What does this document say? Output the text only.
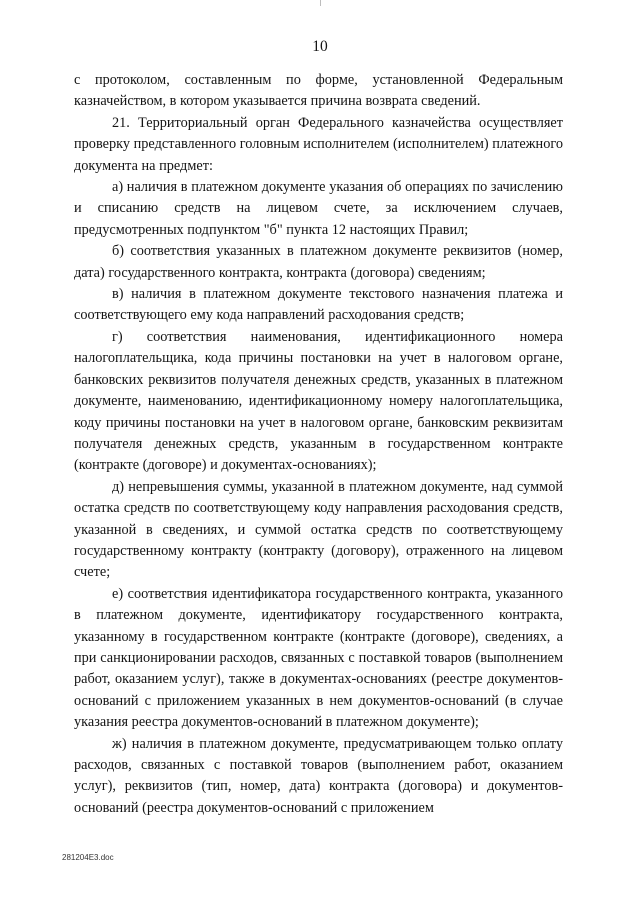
10

с протоколом, составленным по форме, установленной Федеральным казначейством, в котором указывается причина возврата сведений.

21. Территориальный орган Федерального казначейства осуществляет проверку представленного головным исполнителем (исполнителем) платежного документа на предмет:

а) наличия в платежном документе указания об операциях по зачислению и списанию средств на лицевом счете, за исключением случаев, предусмотренных подпунктом "б" пункта 12 настоящих Правил;

б) соответствия указанных в платежном документе реквизитов (номер, дата) государственного контракта, контракта (договора) сведениям;

в) наличия в платежном документе текстового назначения платежа и соответствующего ему кода направлений расходования средств;

г) соответствия наименования, идентификационного номера налогоплательщика, кода причины постановки на учет в налоговом органе, банковских реквизитов получателя денежных средств, указанных в платежном документе, наименованию, идентификационному номеру налогоплательщика, коду причины постановки на учет в налоговом органе, банковским реквизитам получателя денежных средств, указанным в государственном контракте (контракте (договоре) и документах-основаниях);

д) непревышения суммы, указанной в платежном документе, над суммой остатка средств по соответствующему коду направления расходования средств, указанной в сведениях, и суммой остатка средств по соответствующему государственному контракту (контракту (договору), отраженного на лицевом счете;

е) соответствия идентификатора государственного контракта, указанного в платежном документе, идентификатору государственного контракта, указанному в государственном контракте (контракте (договоре), сведениях, а при санкционировании расходов, связанных с поставкой товаров (выполнением работ, оказанием услуг), также в документах-основаниях (реестре документов-оснований с приложением указанных в нем документов-оснований (в случае указания реестра документов-оснований в платежном документе);

ж) наличия в платежном документе, предусматривающем только оплату расходов, связанных с поставкой товаров (выполнением работ, оказанием услуг), реквизитов (тип, номер, дата) контракта (договора) и документов-оснований (реестра документов-оснований с приложением

281204E3.doc
